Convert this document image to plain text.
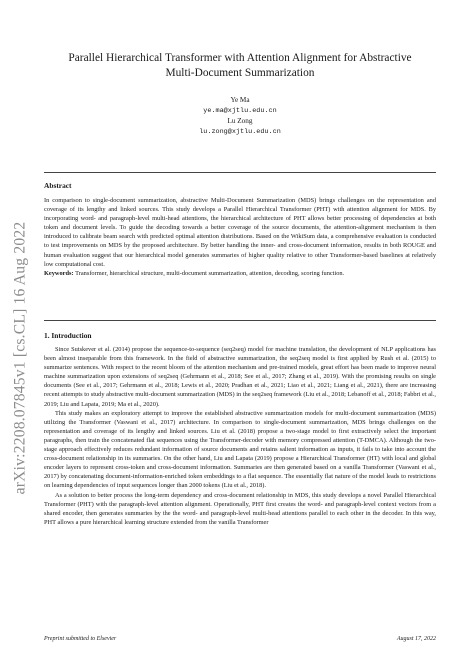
arXiv:2208.07845v1 [cs.CL] 16 Aug 2022
Parallel Hierarchical Transformer with Attention Alignment for Abstractive
Multi-Document Summarization
Ye Ma
ye.ma@xjtlu.edu.cn
Lu Zong
lu.zong@xjtlu.edu.cn
Abstract
In comparison to single-document summarization, abstractive Multi-Document Summarization (MDS) brings challenges on the representation and coverage of its lengthy and linked sources. This study develops a Parallel Hierarchical Transformer (PHT) with attention alignment for MDS. By incorporating word- and paragraph-level multi-head attentions, the hierarchical architecture of PHT allows better processing of dependencies at both token and document levels. To guide the decoding towards a better coverage of the source documents, the attention-alignment mechanism is then introduced to calibrate beam search with predicted optimal attention distributions. Based on the WikiSum data, a comprehensive evaluation is conducted to test improvements on MDS by the proposed architecture. By better handling the inner- and cross-document information, results in both ROUGE and human evaluation suggest that our hierarchical model generates summaries of higher quality relative to other Transformer-based baselines at relatively low computational cost.
Keywords: Transformer, hierarchical structure, multi-document summarization, attention, decoding, scoring function.
1. Introduction

Since Sutskever et al. (2014) propose the sequence-to-sequence (seq2seq) model for machine translation, the development of NLP applications has been almost inseparable from this framework. In the field of abstractive summarization, the seq2seq model is first applied by Rush et al. (2015) to summarize sentences. With respect to the recent bloom of the attention mechanism and pre-trained models, great effort has been made to improve neural machine summarization upon extensions of seq2seq (Gehrmann et al., 2018; See et al., 2017; Zhang et al., 2019). With the promising results on single documents (See et al., 2017; Gehrmann et al., 2018; Lewis et al., 2020; Pradhan et al., 2021; Liao et al., 2021; Liang et al., 2021), there are increasing recent attempts to study abstractive multi-document summarization (MDS) in the seq2seq framework (Liu et al., 2018; Lebanoff et al., 2018; Fabbri et al., 2019; Liu and Lapata, 2019; Ma et al., 2020).

This study makes an exploratory attempt to improve the established abstractive summarization models for multi-document summarization (MDS) utilizing the Transformer (Vaswani et al., 2017) architecture. In comparison to single-document summarization, MDS brings challenges on the representation and coverage of its lengthy and linked sources. Liu et al. (2018) propose a two-stage model to first extractively select the important paragraphs, then train the concatenated flat sequences using the Transformer-decoder with memory compressed attention (T-DMCA). Although the two-stage approach effectively reduces redundant information of source documents and retains salient information as inputs, it fails to take into account the cross-document relationship in its summaries. On the other hand, Liu and Lapata (2019) propose a Hierarchical Transformer (HT) with local and global encoder layers to represent cross-token and cross-document information. Summaries are then generated based on a vanilla Transformer (Vaswani et al., 2017) by concatenating document-information-enriched token embeddings to a flat sequence. The essentially flat nature of the model leads to restrictions on learning dependencies of input sequences longer than 2000 tokens (Liu et al., 2018).

As a solution to better process the long-term dependency and cross-document relationship in MDS, this study develops a novel Parallel Hierarchical Transformer (PHT) with the paragraph-level attention alignment. Operationally, PHT first creates the word- and paragraph-level context vectors from a shared encoder, then generates summaries by the the word- and paragraph-level multi-head attentions parallel to each other in the decoder. In this way, PHT allows a pure hierarchical learning structure extended from the vanilla Transformer

Preprint submitted to Elsevier	August 17, 2022
